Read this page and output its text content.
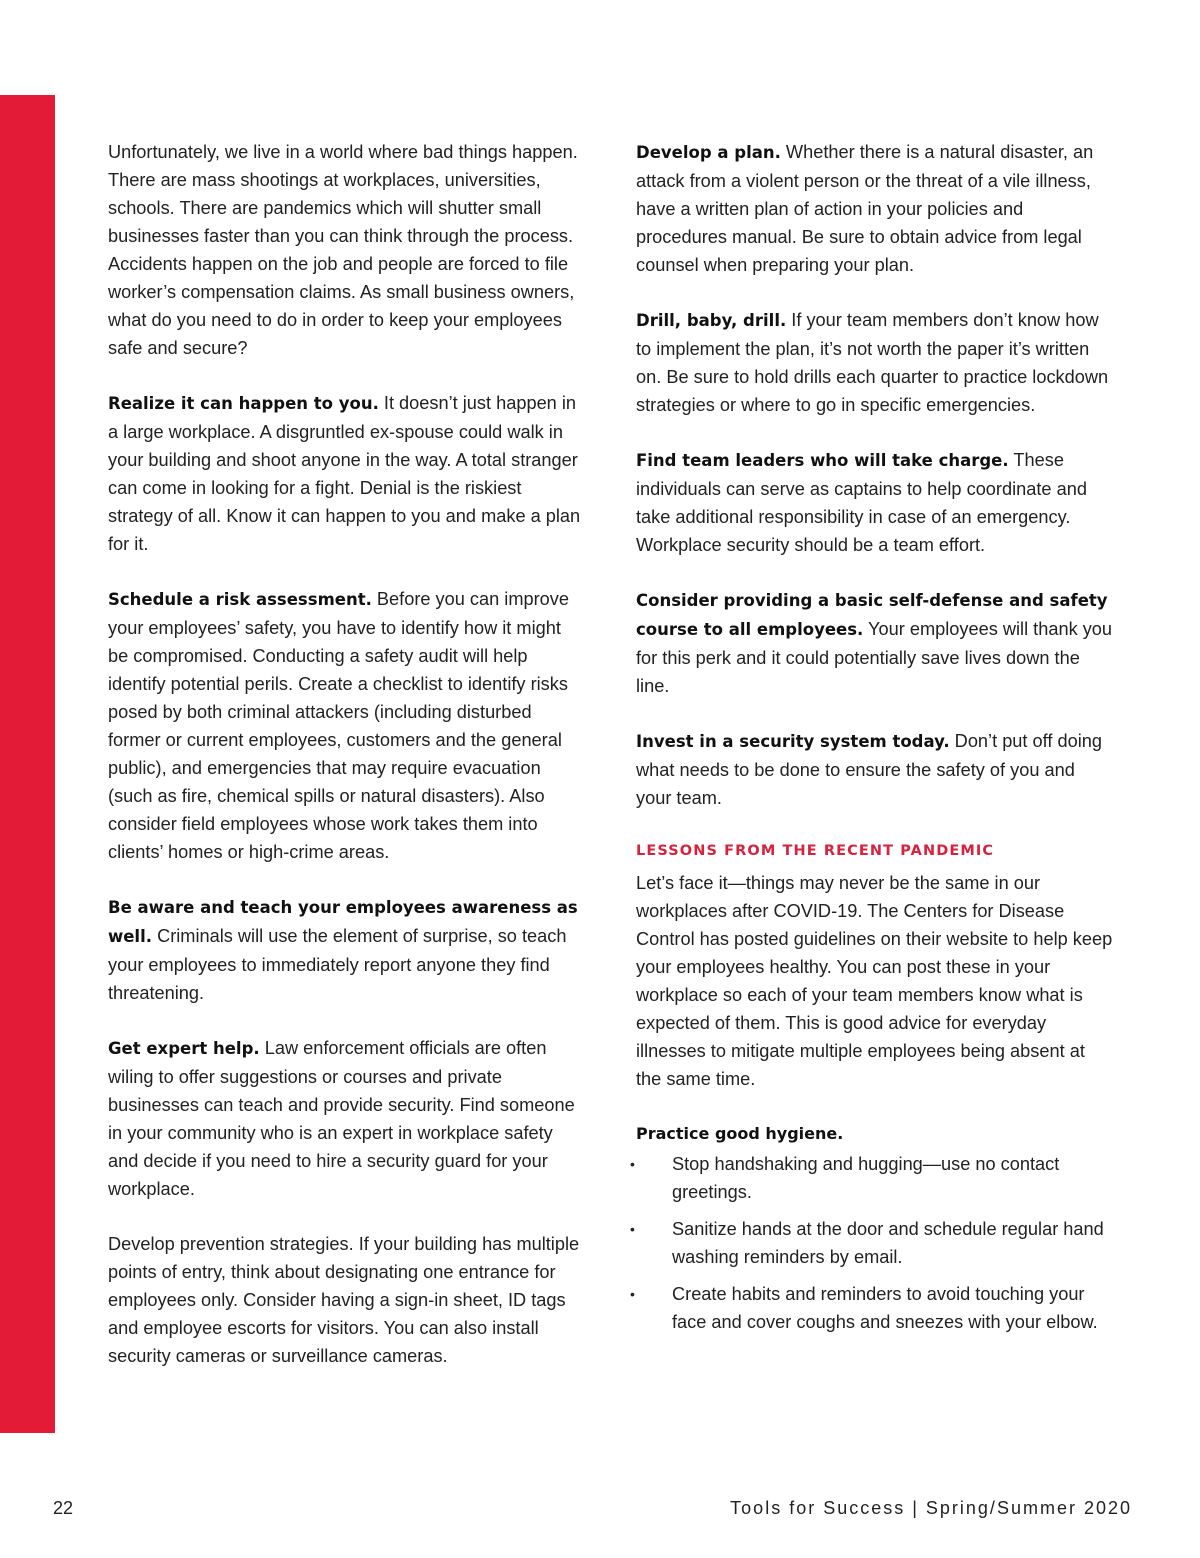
Unfortunately, we live in a world where bad things happen. There are mass shootings at workplaces, universities, schools. There are pandemics which will shutter small businesses faster than you can think through the process. Accidents happen on the job and people are forced to file worker’s compensation claims. As small business owners, what do you need to do in order to keep your employees safe and secure?

Realize it can happen to you. It doesn’t just happen in a large workplace. A disgruntled ex-spouse could walk in your building and shoot anyone in the way. A total stranger can come in looking for a fight. Denial is the riskiest strategy of all. Know it can happen to you and make a plan for it.

Schedule a risk assessment. Before you can improve your employees’ safety, you have to identify how it might be compromised. Conducting a safety audit will help identify potential perils. Create a checklist to identify risks posed by both criminal attackers (including disturbed former or current employees, customers and the general public), and emergencies that may require evacuation (such as fire, chemical spills or natural disasters). Also consider field employees whose work takes them into clients’ homes or high-crime areas.

Be aware and teach your employees awareness as well. Criminals will use the element of surprise, so teach your employees to immediately report anyone they find threatening.

Get expert help. Law enforcement officials are often wiling to offer suggestions or courses and private businesses can teach and provide security. Find someone in your community who is an expert in workplace safety and decide if you need to hire a security guard for your workplace.

Develop prevention strategies. If your building has multiple points of entry, think about designating one entrance for employees only. Consider having a sign-in sheet, ID tags and employee escorts for visitors. You can also install security cameras or surveillance cameras.

Develop a plan. Whether there is a natural disaster, an attack from a violent person or the threat of a vile illness, have a written plan of action in your policies and procedures manual. Be sure to obtain advice from legal counsel when preparing your plan.

Drill, baby, drill. If your team members don’t know how to implement the plan, it’s not worth the paper it’s written on. Be sure to hold drills each quarter to practice lockdown strategies or where to go in specific emergencies.

Find team leaders who will take charge. These individuals can serve as captains to help coordinate and take additional responsibility in case of an emergency. Workplace security should be a team effort.

Consider providing a basic self-defense and safety course to all employees. Your employees will thank you for this perk and it could potentially save lives down the line.

Invest in a security system today. Don’t put off doing what needs to be done to ensure the safety of you and your team.

LESSONS FROM THE RECENT PANDEMIC

Let’s face it—things may never be the same in our workplaces after COVID-19. The Centers for Disease Control has posted guidelines on their website to help keep your employees healthy. You can post these in your workplace so each of your team members know what is expected of them. This is good advice for everyday illnesses to mitigate multiple employees being absent at the same time.

Practice good hygiene.
• Stop handshaking and hugging—use no contact greetings.
• Sanitize hands at the door and schedule regular hand washing reminders by email.
• Create habits and reminders to avoid touching your face and cover coughs and sneezes with your elbow.
22	Tools for Success | Spring/Summer 2020
